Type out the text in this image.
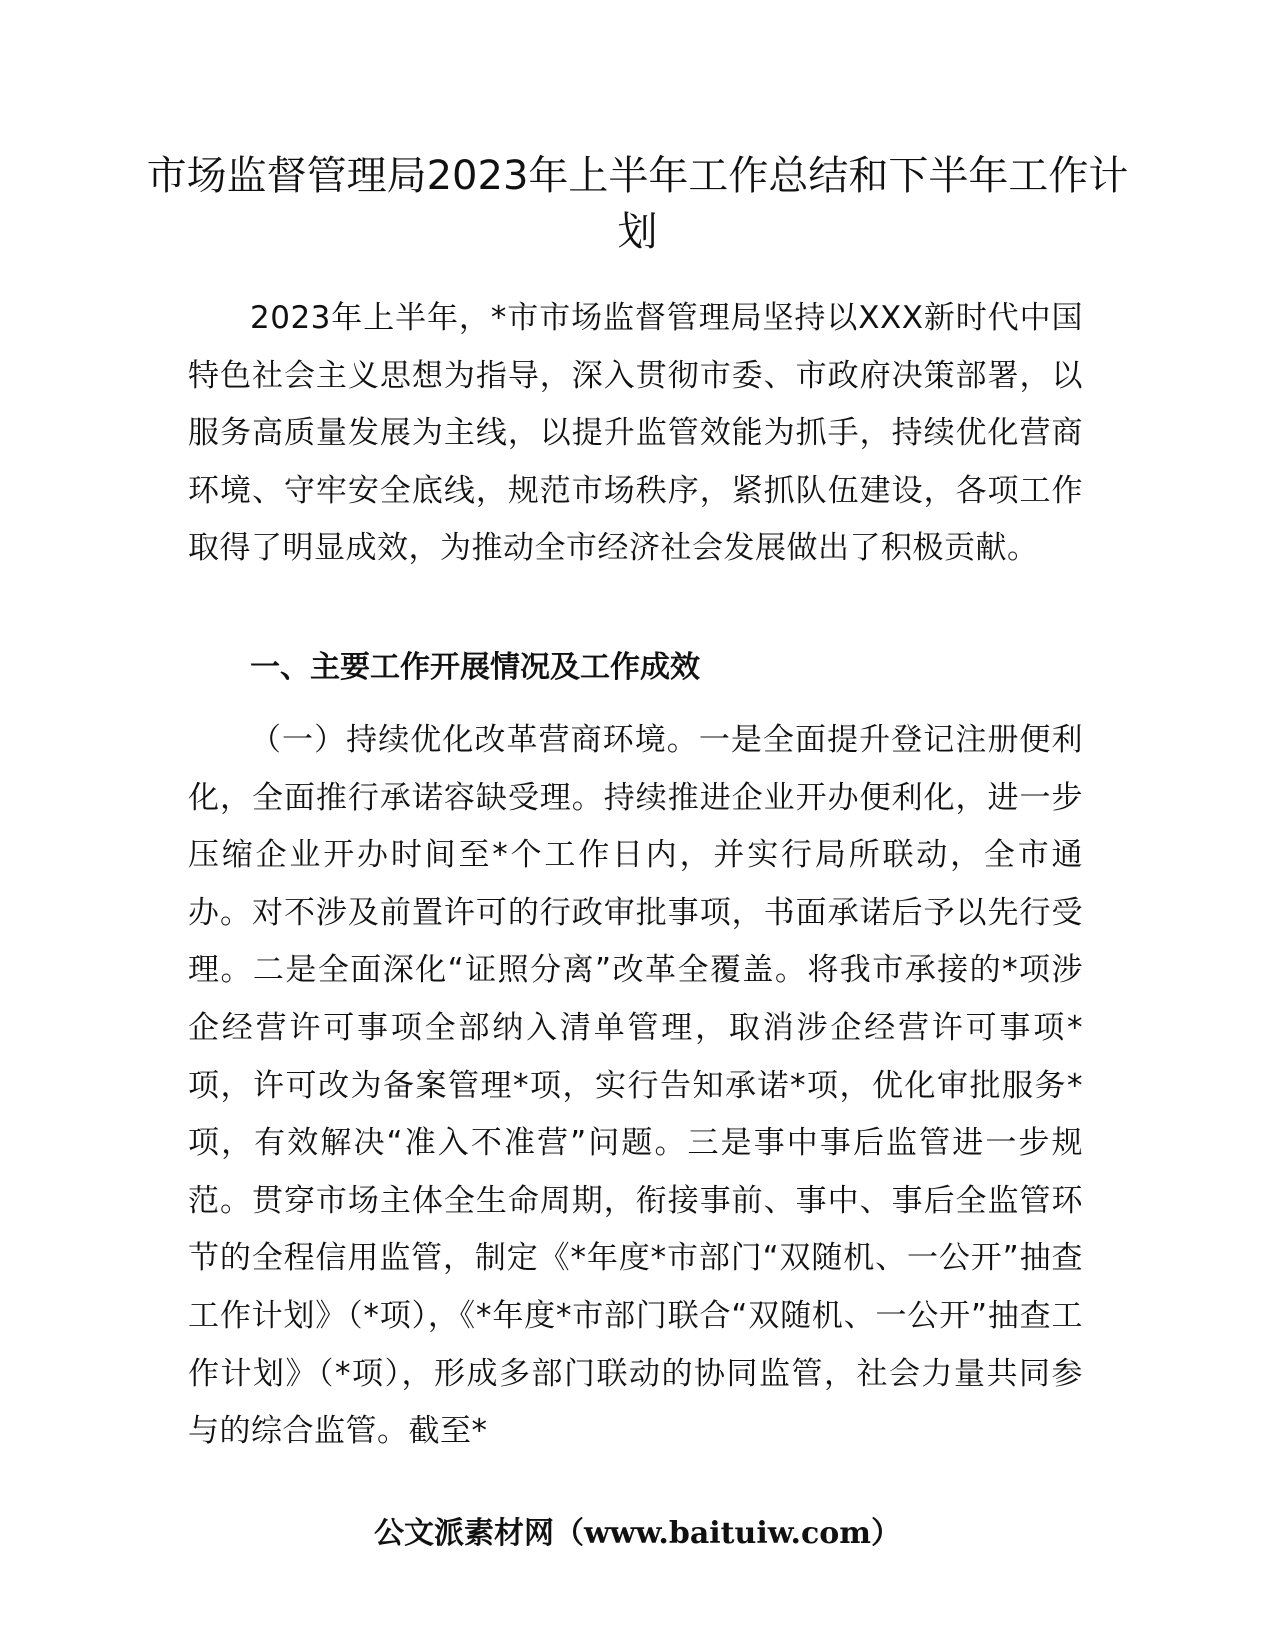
市场监督管理局2023年上半年工作总结和下半年工作计划

2023年上半年，*市市场监督管理局坚持以XXX新时代中国特色社会主义思想为指导，深入贯彻市委、市政府决策部署，以服务高质量发展为主线，以提升监管效能为抓手，持续优化营商环境、守牢安全底线，规范市场秩序，紧抓队伍建设，各项工作取得了明显成效，为推动全市经济社会发展做出了积极贡献。

一、主要工作开展情况及工作成效

（一）持续优化改革营商环境。一是全面提升登记注册便利化，全面推行承诺容缺受理。持续推进企业开办便利化，进一步压缩企业开办时间至*个工作日内，并实行局所联动，全市通办。对不涉及前置许可的行政审批事项，书面承诺后予以先行受理。二是全面深化“证照分离”改革全覆盖。将我市承接的*项涉企经营许可事项全部纳入清单管理，取消涉企经营许可事项*项，许可改为备案管理*项，实行告知承诺*项，优化审批服务*项，有效解决“准入不准营”问题。三是事中事后监管进一步规范。贯穿市场主体全生命周期，衔接事前、事中、事后全监管环节的全程信用监管，制定《*年度*市部门“双随机、一公开”抽查工作计划》（*项），《*年度*市部门联合“双随机、一公开”抽查工作计划》（*项），形成多部门联动的协同监管，社会力量共同参与的综合监管。截至*

公文派素材网（www.baituiw.com）
